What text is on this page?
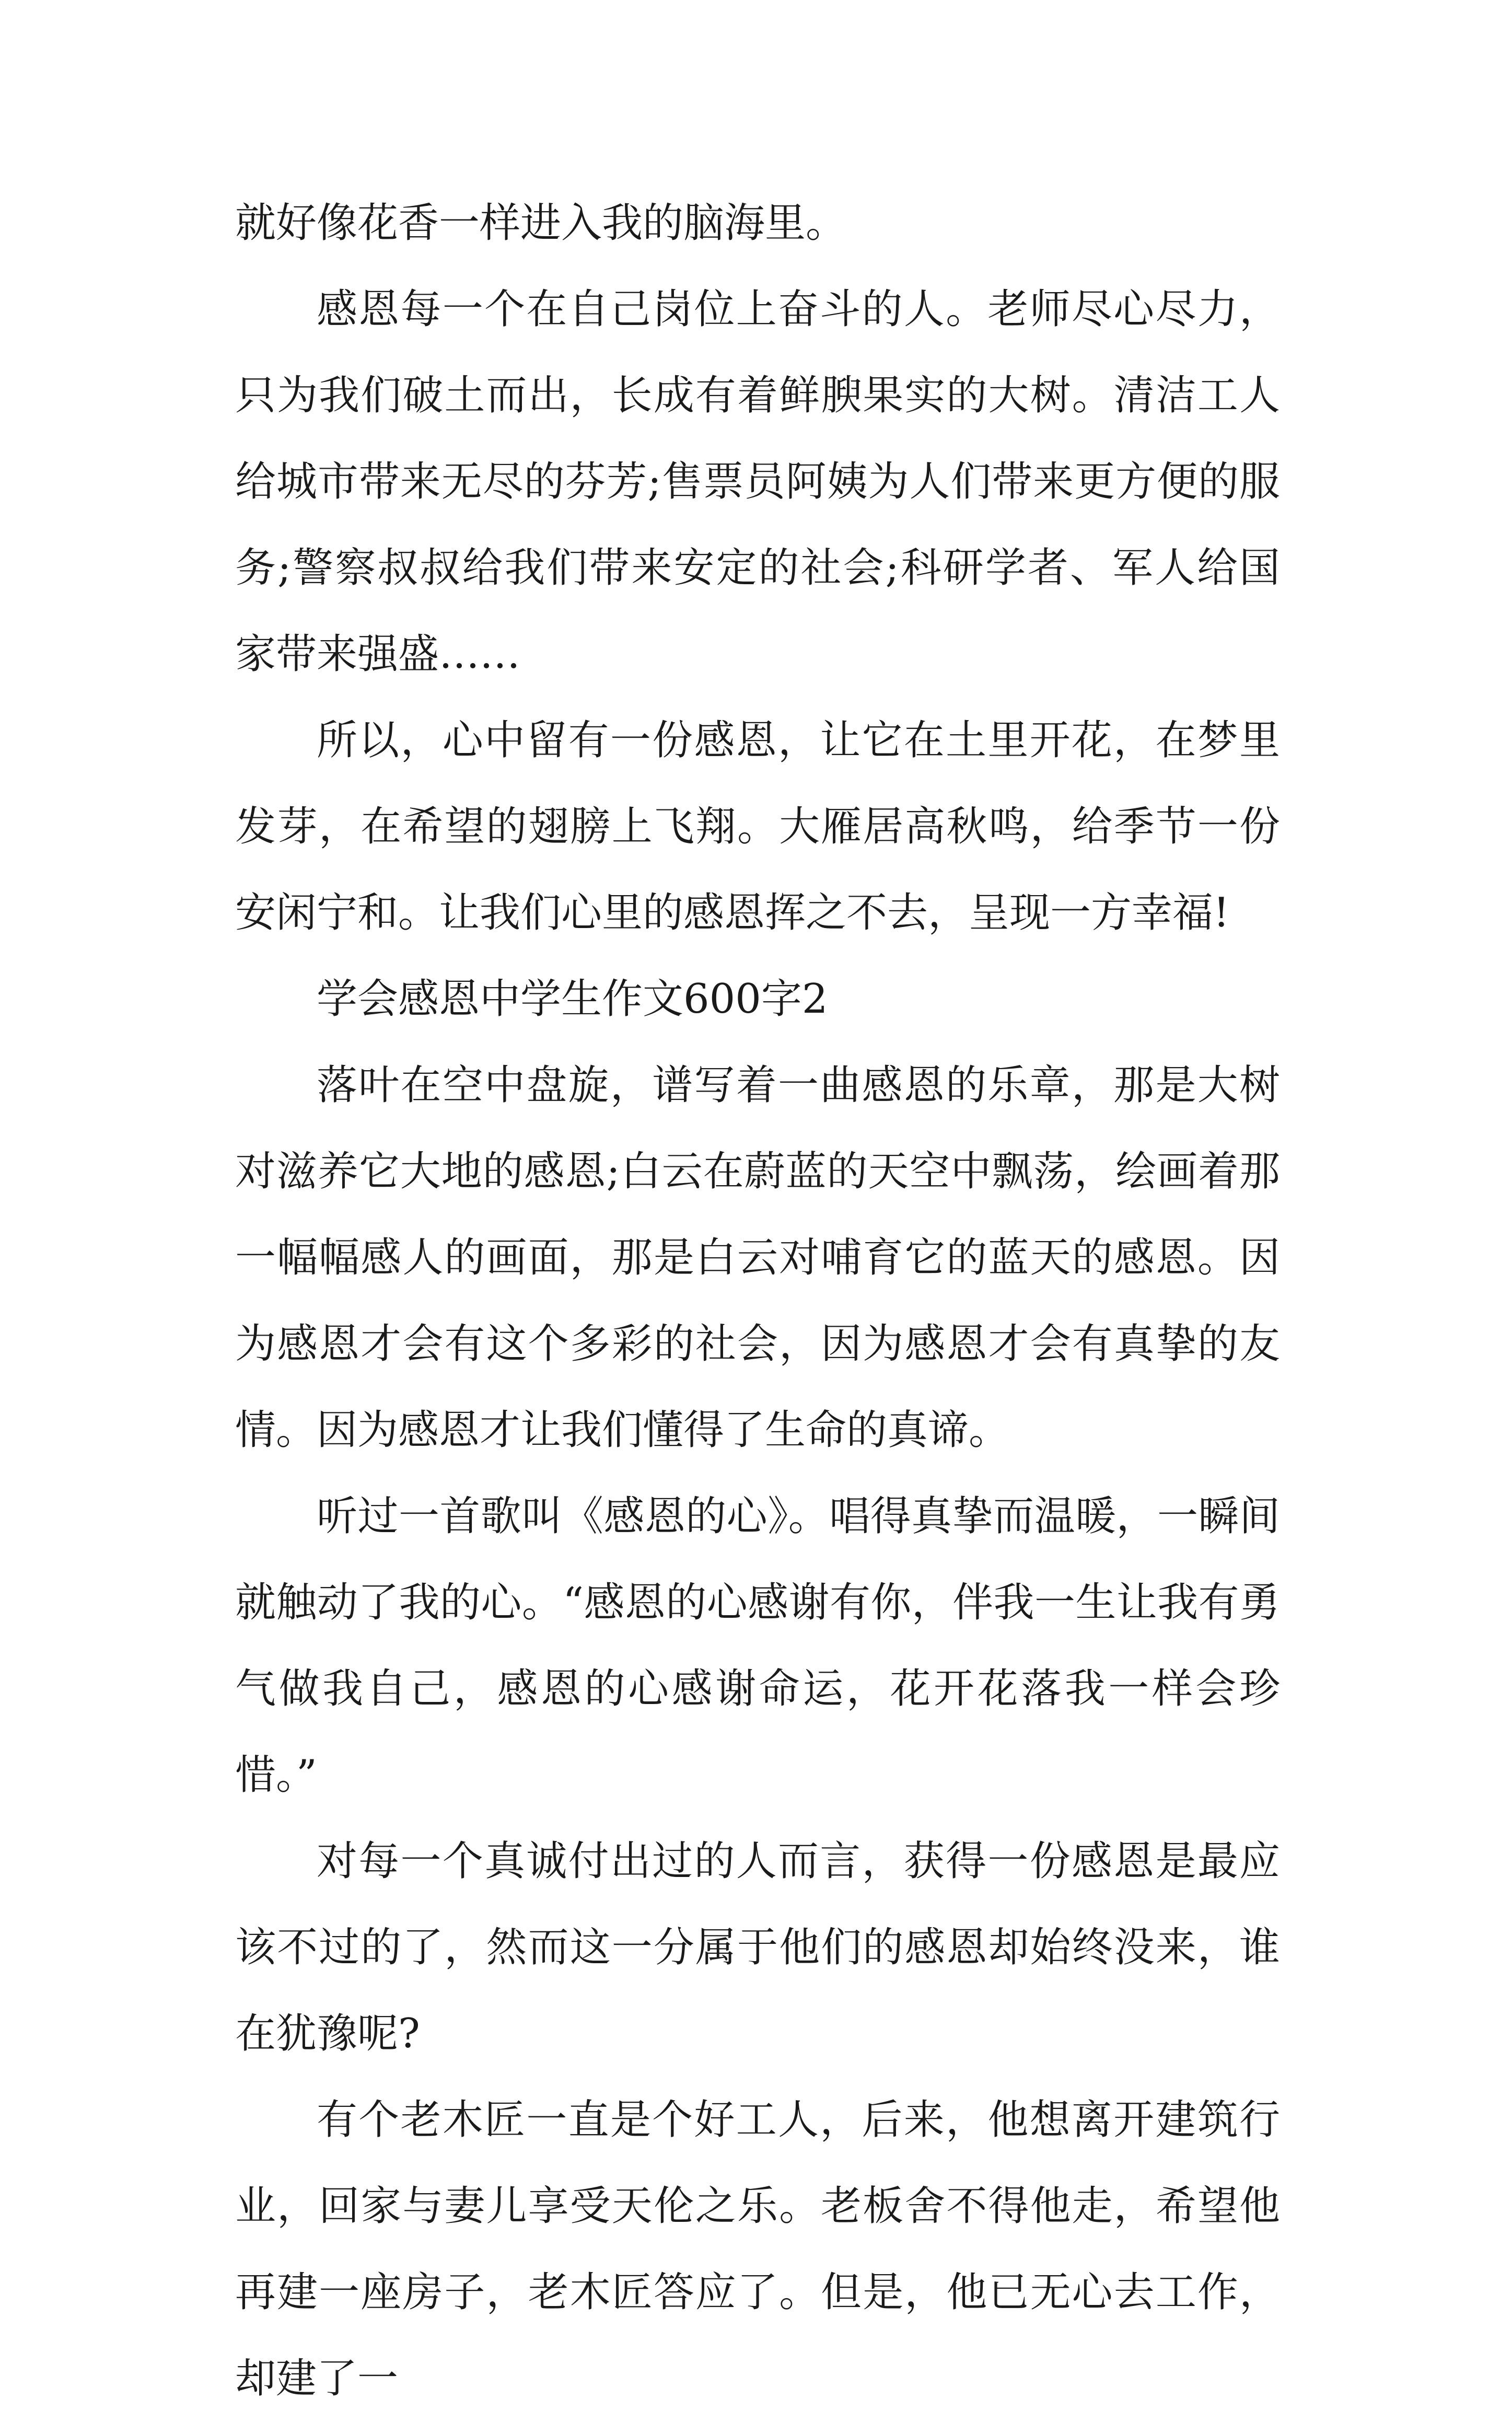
就好像花香一样进入我的脑海里。

感恩每一个在自己岗位上奋斗的人。老师尽心尽力，只为我们破土而出，长成有着鲜腴果实的大树。清洁工人给城市带来无尽的芬芳;售票员阿姨为人们带来更方便的服务;警察叔叔给我们带来安定的社会;科研学者、军人给国家带来强盛……

所以，心中留有一份感恩，让它在土里开花，在梦里发芽，在希望的翅膀上飞翔。大雁居高秋鸣，给季节一份安闲宁和。让我们心里的感恩挥之不去，呈现一方幸福!

学会感恩中学生作文600字2

落叶在空中盘旋，谱写着一曲感恩的乐章，那是大树对滋养它大地的感恩;白云在蔚蓝的天空中飘荡，绘画着那一幅幅感人的画面，那是白云对哺育它的蓝天的感恩。因为感恩才会有这个多彩的社会，因为感恩才会有真挚的友情。因为感恩才让我们懂得了生命的真谛。

听过一首歌叫《感恩的心》。唱得真挚而温暖，一瞬间就触动了我的心。“感恩的心感谢有你，伴我一生让我有勇气做我自己，感恩的心感谢命运，花开花落我一样会珍惜。”

对每一个真诚付出过的人而言，获得一份感恩是最应该不过的了，然而这一分属于他们的感恩却始终没来，谁在犹豫呢?

有个老木匠一直是个好工人，后来，他想离开建筑行业，回家与妻儿享受天伦之乐。老板舍不得他走，希望他再建一座房子，老木匠答应了。但是，他已无心去工作，却建了一
